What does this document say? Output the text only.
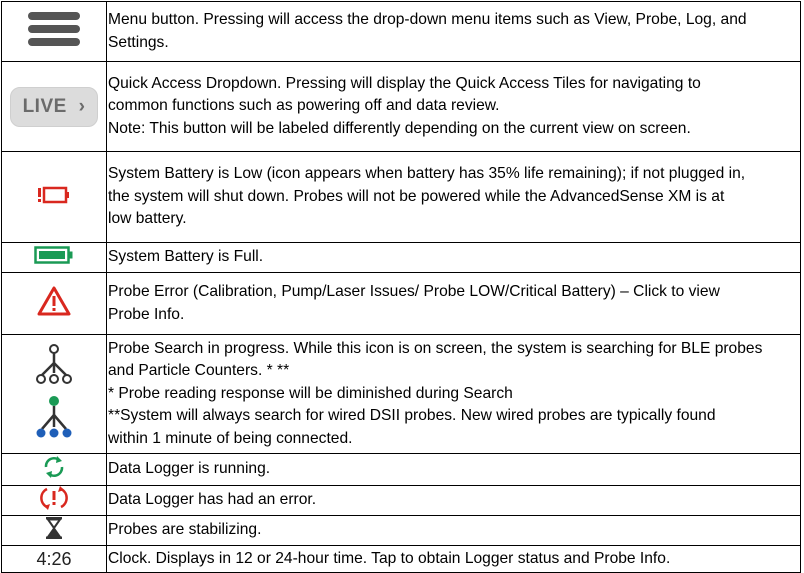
Menu button. Pressing will access the drop-down menu items such as View, Probe, Log, and
Settings.

LIVE ›	Quick Access Dropdown. Pressing will display the Quick Access Tiles for navigating to
common functions such as powering off and data review.
Note: This button will be labeled differently depending on the current view on screen.

System Battery is Low (icon appears when battery has 35% life remaining); if not plugged in,
the system will shut down. Probes will not be powered while the AdvancedSense XM is at
low battery.

System Battery is Full.

Probe Error (Calibration, Pump/Laser Issues/ Probe LOW/Critical Battery) – Click to view
Probe Info.

Probe Search in progress. While this icon is on screen, the system is searching for BLE probes
and Particle Counters. * **
* Probe reading response will be diminished during Search
**System will always search for wired DSII probes. New wired probes are typically found
within 1 minute of being connected.

Data Logger is running.

Data Logger has had an error.

Probes are stabilizing.

4:26	Clock. Displays in 12 or 24-hour time. Tap to obtain Logger status and Probe Info.
